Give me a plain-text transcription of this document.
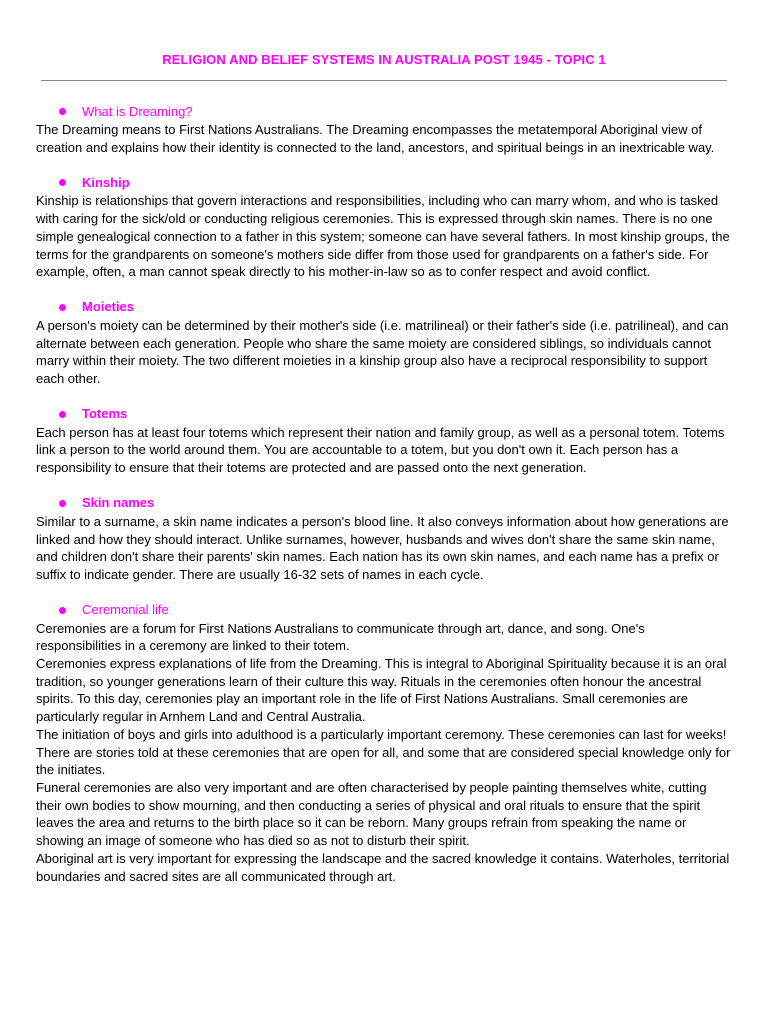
RELIGION AND BELIEF SYSTEMS IN AUSTRALIA POST 1945 - TOPIC 1
What is Dreaming?

The Dreaming means to First Nations Australians. The Dreaming encompasses the metatemporal Aboriginal view of creation and explains how their identity is connected to the land, ancestors, and spiritual beings in an inextricable way.

Kinship

Kinship is relationships that govern interactions and responsibilities, including who can marry whom, and who is tasked with caring for the sick/old or conducting religious ceremonies. This is expressed through skin names. There is no one simple genealogical connection to a father in this system; someone can have several fathers. In most kinship groups, the terms for the grandparents on someone's mothers side differ from those used for grandparents on a father's side. For example, often, a man cannot speak directly to his mother-in-law so as to confer respect and avoid conflict.

Moieties

A person's moiety can be determined by their mother's side (i.e. matrilineal) or their father's side (i.e. patrilineal), and can alternate between each generation. People who share the same moiety are considered siblings, so individuals cannot marry within their moiety. The two different moieties in a kinship group also have a reciprocal responsibility to support each other.

Totems

Each person has at least four totems which represent their nation and family group, as well as a personal totem. Totems link a person to the world around them. You are accountable to a totem, but you don't own it. Each person has a responsibility to ensure that their totems are protected and are passed onto the next generation.

Skin names

Similar to a surname, a skin name indicates a person's blood line. It also conveys information about how generations are linked and how they should interact. Unlike surnames, however, husbands and wives don't share the same skin name, and children don't share their parents' skin names. Each nation has its own skin names, and each name has a prefix or suffix to indicate gender. There are usually 16-32 sets of names in each cycle.

Ceremonial life

Ceremonies are a forum for First Nations Australians to communicate through art, dance, and song. One's responsibilities in a ceremony are linked to their totem.

Ceremonies express explanations of life from the Dreaming. This is integral to Aboriginal Spirituality because it is an oral tradition, so younger generations learn of their culture this way. Rituals in the ceremonies often honour the ancestral spirits. To this day, ceremonies play an important role in the life of First Nations Australians. Small ceremonies are particularly regular in Arnhem Land and Central Australia.

The initiation of boys and girls into adulthood is a particularly important ceremony. These ceremonies can last for weeks! There are stories told at these ceremonies that are open for all, and some that are considered special knowledge only for the initiates.

Funeral ceremonies are also very important and are often characterised by people painting themselves white, cutting their own bodies to show mourning, and then conducting a series of physical and oral rituals to ensure that the spirit leaves the area and returns to the birth place so it can be reborn. Many groups refrain from speaking the name or showing an image of someone who has died so as not to disturb their spirit.

Aboriginal art is very important for expressing the landscape and the sacred knowledge it contains. Waterholes, territorial boundaries and sacred sites are all communicated through art.
